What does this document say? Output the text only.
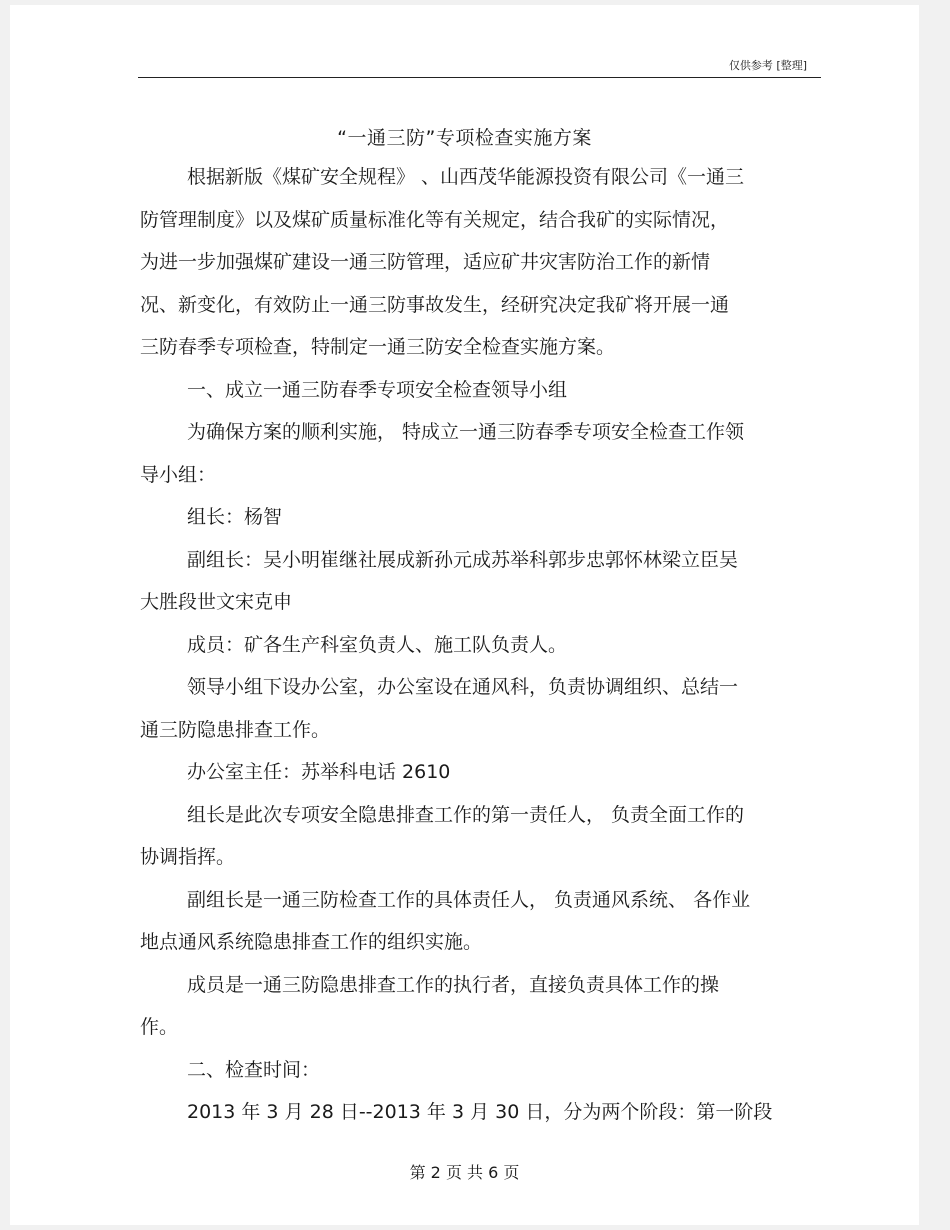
仅供参考 [整理]
“一通三防”专项检查实施方案
根据新版《煤矿安全规程》 、山西茂华能源投资有限公司《一通三
防管理制度》以及煤矿质量标准化等有关规定，结合我矿的实际情况，
为进一步加强煤矿建设一通三防管理，适应矿井灾害防治工作的新情
况、新变化，有效防止一通三防事故发生，经研究决定我矿将开展一通
三防春季专项检查，特制定一通三防安全检查实施方案。
一、成立一通三防春季专项安全检查领导小组
为确保方案的顺利实施， 特成立一通三防春季专项安全检查工作领
导小组：
组长：杨智
副组长：吴小明崔继社展成新孙元成苏举科郭步忠郭怀林梁立臣吴
大胜段世文宋克申
成员：矿各生产科室负责人、施工队负责人。
领导小组下设办公室，办公室设在通风科，负责协调组织、总结一
通三防隐患排查工作。
办公室主任：苏举科电话 2610
组长是此次专项安全隐患排查工作的第一责任人， 负责全面工作的
协调指挥。
副组长是一通三防检查工作的具体责任人， 负责通风系统、 各作业
地点通风系统隐患排查工作的组织实施。
成员是一通三防隐患排查工作的执行者，直接负责具体工作的操
作。
二、检查时间：
2013 年 3 月 28 日--2013 年 3 月 30 日，分为两个阶段：第一阶段
第 2 页 共 6 页
